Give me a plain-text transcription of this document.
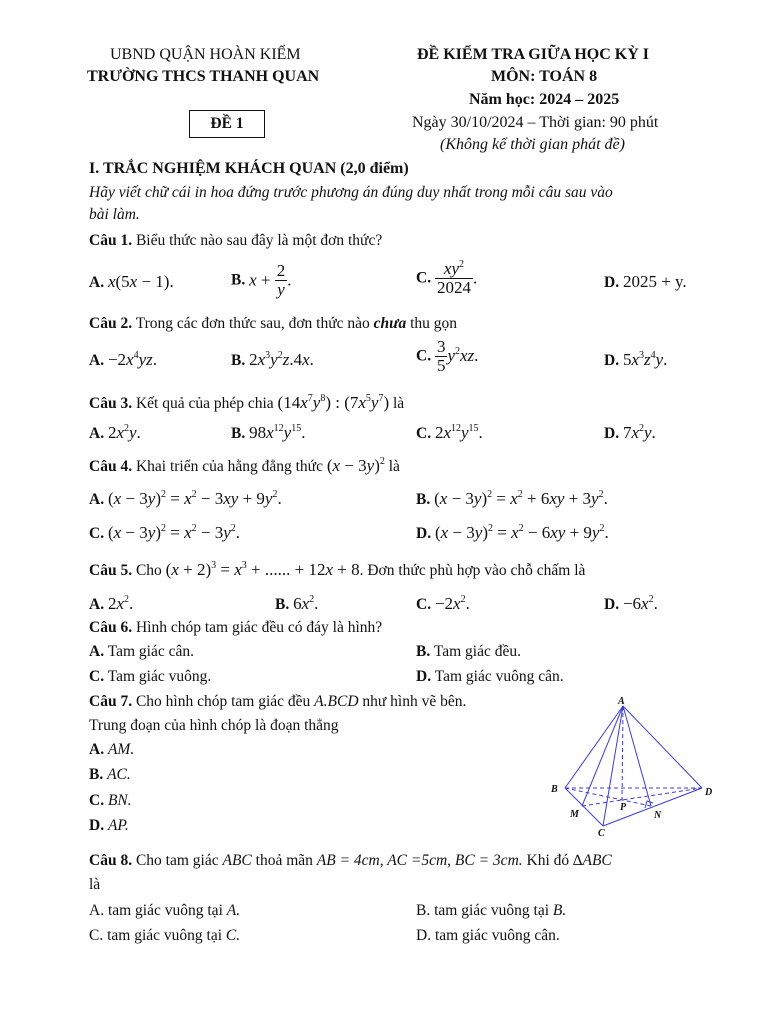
UBND QUẬN HOÀN KIẾM
TRƯỜNG THCS THANH QUAN
ĐỀ KIỂM TRA GIỮA HỌC KỲ I
MÔN: TOÁN 8
Năm học: 2024 – 2025
ĐỀ 1	Ngày 30/10/2024 – Thời gian: 90 phút
(Không kể thời gian phát đề)
I. TRẮC NGHIỆM KHÁCH QUAN (2,0 điểm)
Hãy viết chữ cái in hoa đứng trước phương án đúng duy nhất trong mỗi câu sau vào
bài làm.
Câu 1. Biểu thức nào sau đây là một đơn thức?
A. x(5x − 1).	B. $x + \frac{2}{y}$ .	C. $\frac{xy^2}{2024}$ .	D. 2025 + y.
Câu 2. Trong các đơn thức sau, đơn thức nào chưa thu gọn
A. $-2x^4yz$.	B. $2x^3y^2z.4x$.	C. $\frac{3}{5} y^2xz$.	D. $5x^3z^4y$.
Câu 3. Kết quả của phép chia $(14x^7y^8)$ : $(7x^5y^7)$ là
A. $2x^2y$.	B. $98x^{12}y^{15}$.	C. $2x^{12}y^{15}$.	D. $7x^2y$.
Câu 4. Khai triển của hằng đẳng thức $(x - 3y)^2$ là
A. $(x - 3y)^2 = x^2 - 3xy + 9y^2$.	B. $(x - 3y)^2 = x^2 + 6xy + 3y^2$.
C. $(x - 3y)^2 = x^2 - 3y^2$.	D. $(x - 3y)^2 = x^2 - 6xy + 9y^2$.
Câu 5. Cho $(x + 2)^3 = x^3$ + ...... + 12x + 8. Đơn thức phù hợp vào chỗ chấm là
A. $2x^2$.	B. $6x^2$.	C. $-2x^2$.	D. $-6x^2$.
Câu 6. Hình chóp tam giác đều có đáy là hình?
A. Tam giác cân.	B. Tam giác đều.
C. Tam giác vuông.	D. Tam giác vuông cân.
Câu 7. Cho hình chóp tam giác đều A.BCD như hình vẽ bên.
Trung đoạn của hình chóp là đoạn thẳng
A. AM.
B. AC.
C. BN.
D. AP.
A
B	D
M
P
N
C
Câu 8. Cho tam giác ABC thoả mãn AB = 4cm, AC =5cm, BC = 3cm. Khi đó ∆ABC
là
A. tam giác vuông tại A.	B. tam giác vuông tại B.
C. tam giác vuông tại C.	D. tam giác vuông cân.
